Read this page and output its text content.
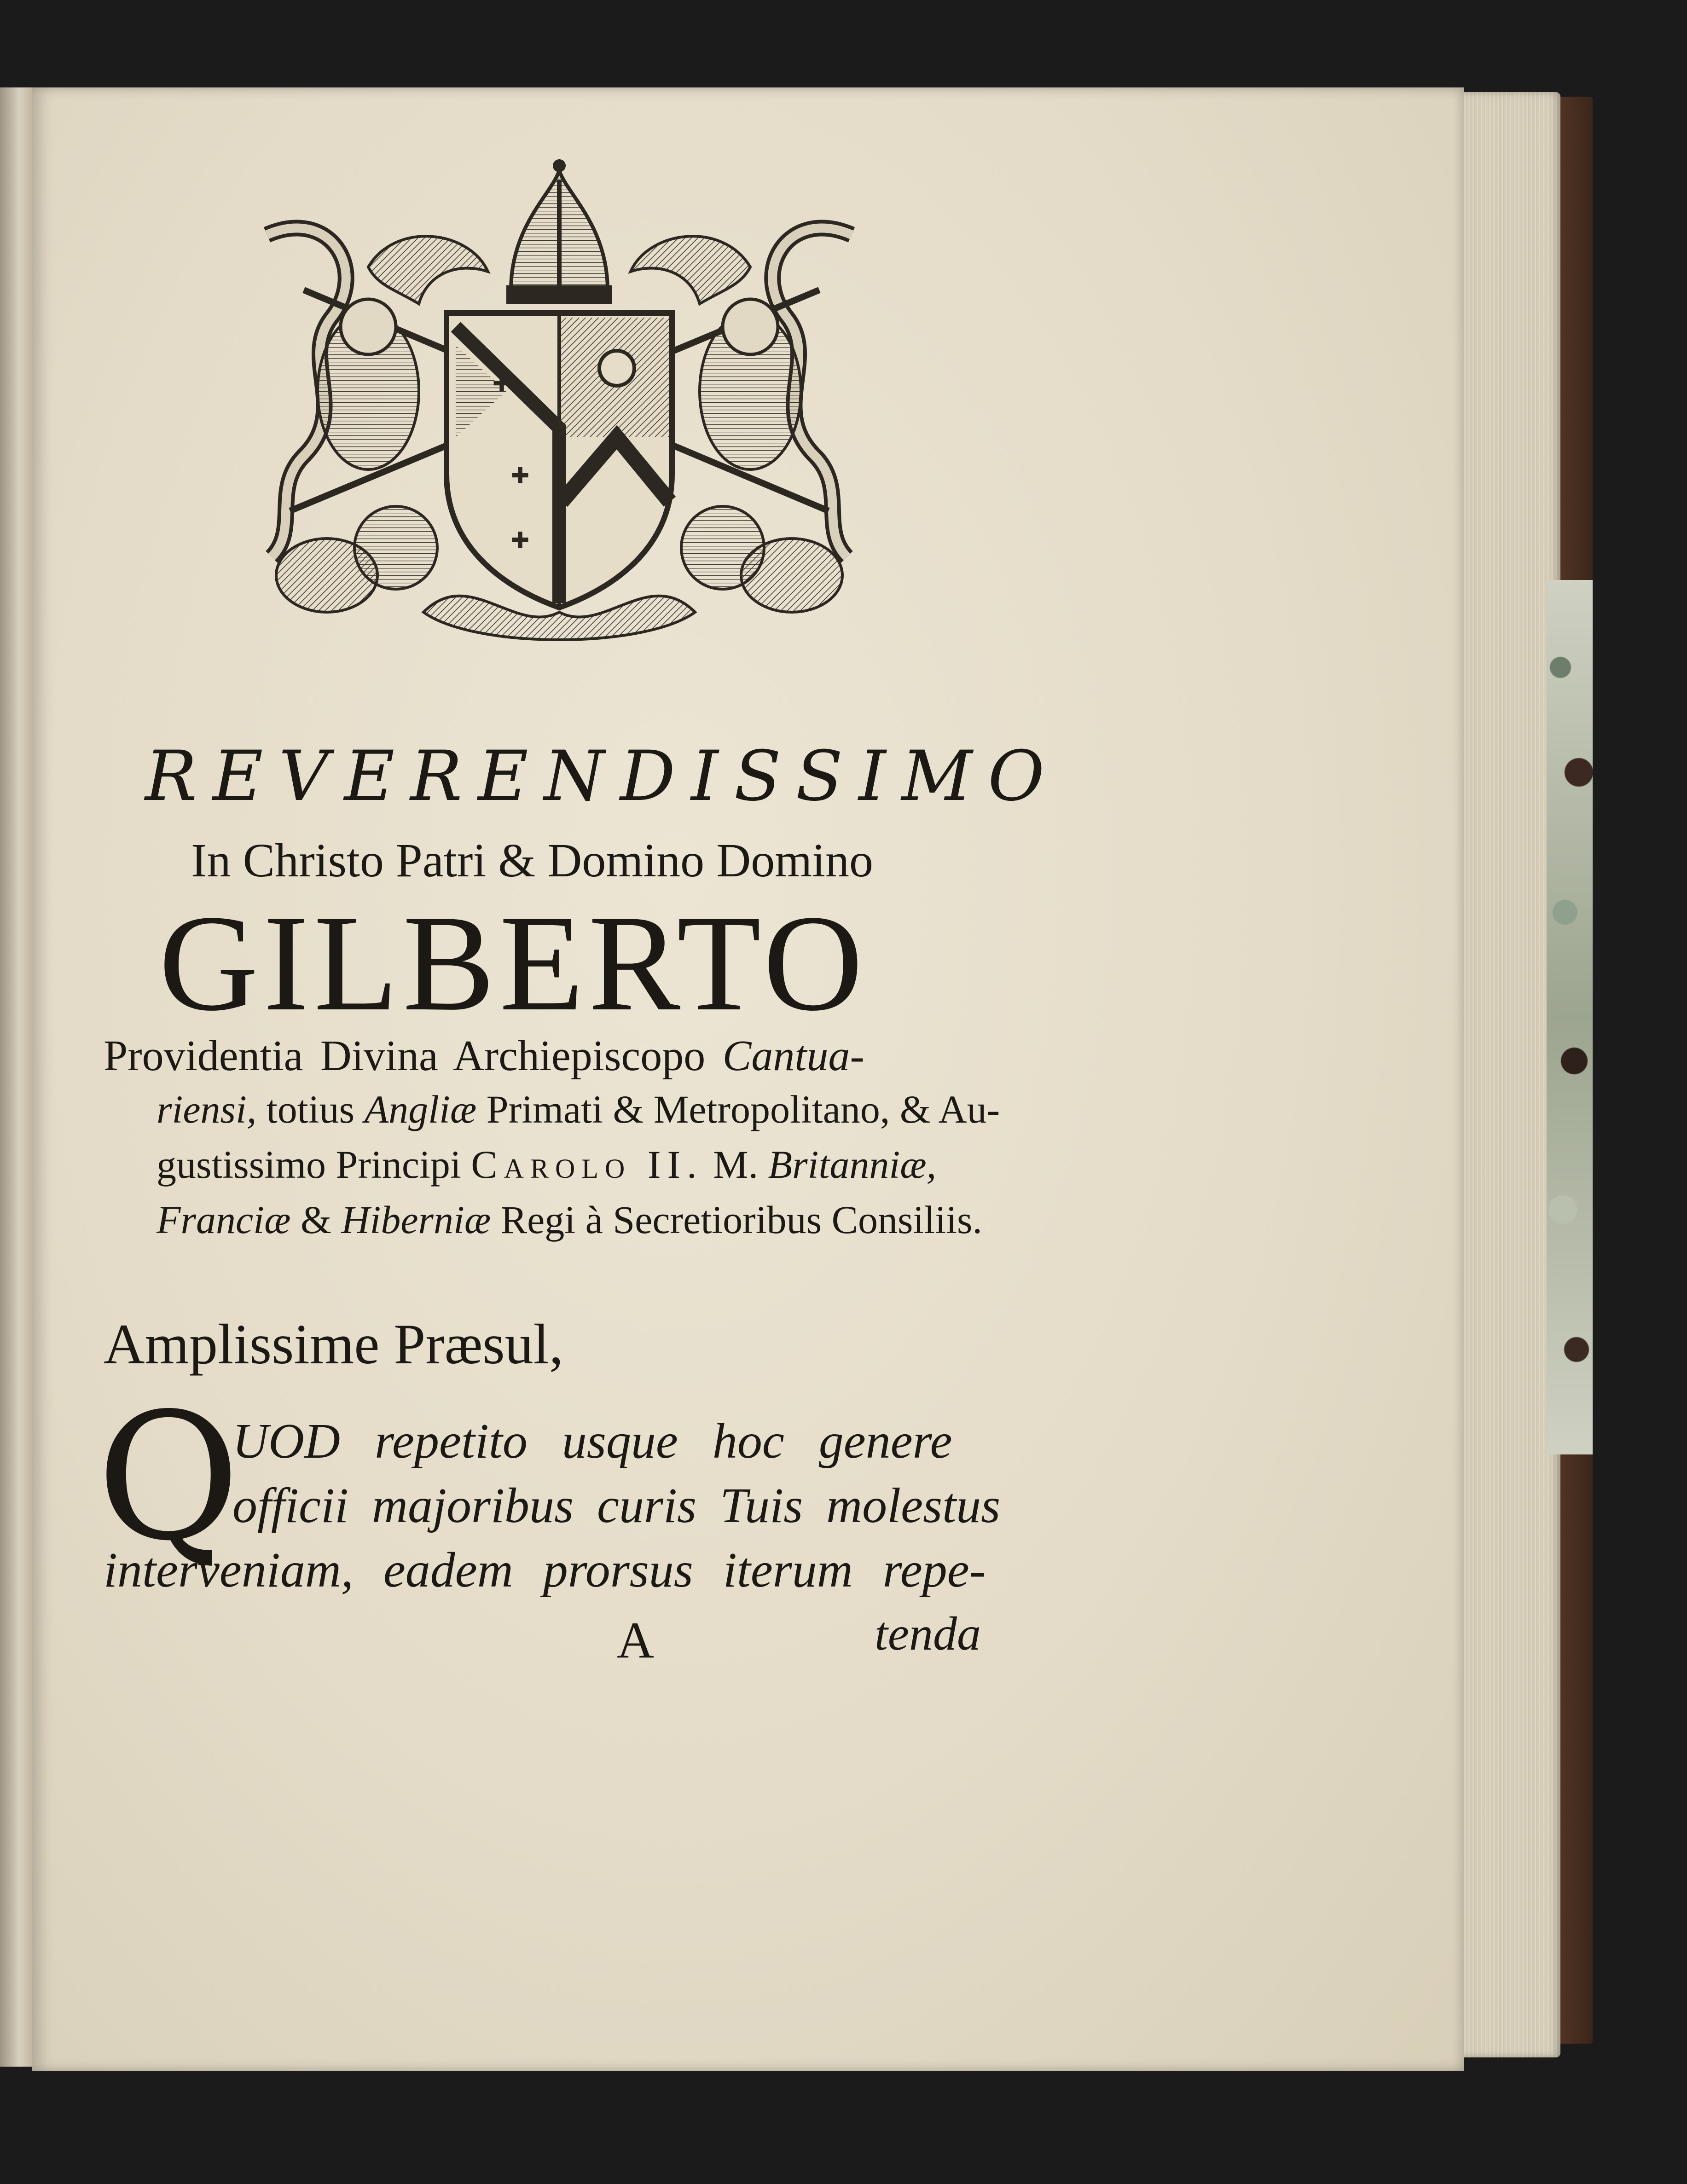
✚
✚
✚
REVERENDISSIMO
In Christo Patri & Domino Domino
GILBERTO
Providentia Divina Archiepiscopo Cantua-
riensi, totius Angliæ Primati & Metropolitano, & Au-
gustissimo Principi Carolo II. M. Britanniæ,
Franciæ & Hiberniæ Regi à Secretioribus Consiliis.
Amplissime Præsul,
Q
UOD repetito usque hoc genere
officii majoribus curis Tuis molestus
interveniam, eadem prorsus iterum repe-
A	tenda
